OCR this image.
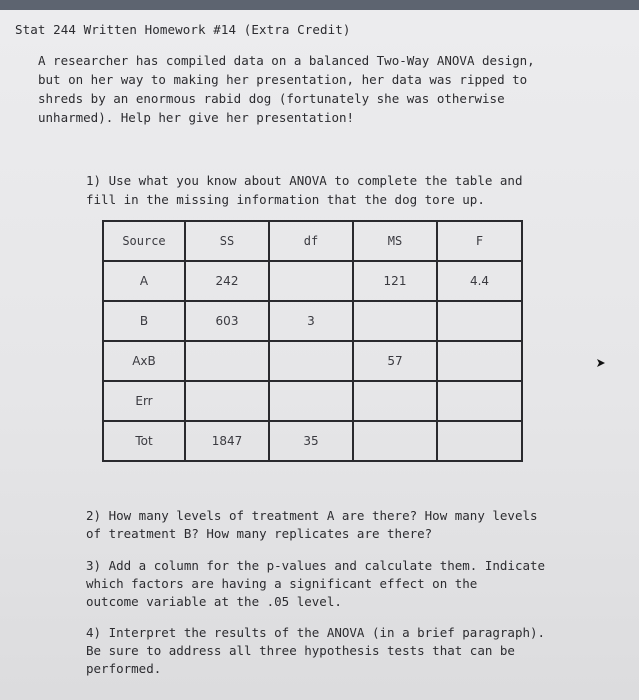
Stat 244 Written Homework #14 (Extra Credit)
A researcher has compiled data on a balanced Two-Way ANOVA design,
but on her way to making her presentation, her data was ripped to
shreds by an enormous rabid dog (fortunately she was otherwise
unharmed). Help her give her presentation!
1) Use what you know about ANOVA to complete the table and
fill in the missing information that the dog tore up.
Source	SS	df	MS	F
A	242		121	4.4
B	603	3		
AxB			57	
Err				
Tot	1847	35		
2) How many levels of treatment A are there? How many levels
of treatment B? How many replicates are there?
3) Add a column for the p-values and calculate them. Indicate
which factors are having a significant effect on the
outcome variable at the .05 level.
4) Interpret the results of the ANOVA (in a brief paragraph).
Be sure to address all three hypothesis tests that can be
performed.
